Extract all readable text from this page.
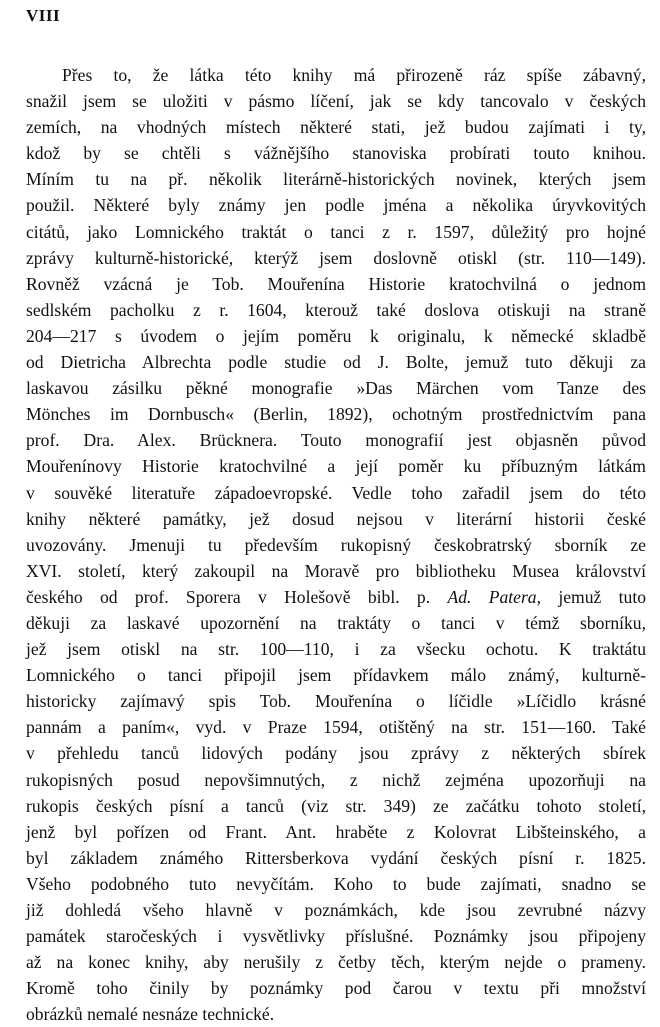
VIII
Přes to, že látka této knihy má přirozeně ráz spíše zábavný,
snažil jsem se uložiti v pásmo líčení, jak se kdy tancovalo v českých
zemích, na vhodných místech některé stati, jež budou zajímati i ty,
kdož by se chtěli s vážnějšího stanoviska probírati touto knihou.
Míním tu na př. několik literárně-historických novinek, kterých jsem
použil. Některé byly známy jen podle jména a několika úryvkovitých
citátů, jako Lomnického traktát o tanci z r. 1597, důležitý pro hojné
zprávy kulturně-historické, kterýž jsem doslovně otiskl (str. 110—149).
Rovněž vzácná je Tob. Mouřenína Historie kratochvilná o jednom
sedlském pacholku z r. 1604, kterouž také doslova otiskuji na straně
204—217 s úvodem o jejím poměru k originalu, k německé skladbě
od Dietricha Albrechta podle studie od J. Bolte, jemuž tuto děkuji za
laskavou zásilku pěkné monografie »Das Märchen vom Tanze des
Mönches im Dornbusch« (Berlin, 1892), ochotným prostřednictvím pana
prof. Dra. Alex. Brücknera. Touto monografií jest objasněn původ
Mouřenínovy Historie kratochvilné a její poměr ku příbuzným látkám
v souvěké literatuře západoevropské. Vedle toho zařadil jsem do této
knihy některé památky, jež dosud nejsou v literární historii české
uvozovány. Jmenuji tu především rukopisný českobratrský sborník ze
XVI. století, který zakoupil na Moravě pro bibliotheku Musea království
českého od prof. Sporera v Holešově bibl. p. Ad. Patera, jemuž tuto
děkuji za laskavé upozornění na traktáty o tanci v témž sborníku,
jež jsem otiskl na str. 100—110, i za všecku ochotu. K traktátu
Lomnického o tanci připojil jsem přídavkem málo známý, kulturně-
historicky zajímavý spis Tob. Mouřenína o líčidle »Líčidlo krásné
pannám a paním«, vyd. v Praze 1594, otištěný na str. 151—160. Také
v přehledu tanců lidových podány jsou zprávy z některých sbírek
rukopisných posud nepovšimnutých, z nichž zejména upozorňuji na
rukopis českých písní a tanců (viz str. 349) ze začátku tohoto století,
jenž byl pořízen od Frant. Ant. hraběte z Kolovrat Libšteinského, a
byl základem známého Rittersberkova vydání českých písní r. 1825.
Všeho podobného tuto nevyčítám. Koho to bude zajímati, snadno se
již dohledá všeho hlavně v poznámkách, kde jsou zevrubné názvy
památek staročeských i vysvětlivky příslušné. Poznámky jsou připojeny
až na konec knihy, aby nerušily z četby těch, kterým nejde o prameny.
Kromě toho činily by poznámky pod čarou v textu při množství
obrázků nemalé nesnáze technické.
